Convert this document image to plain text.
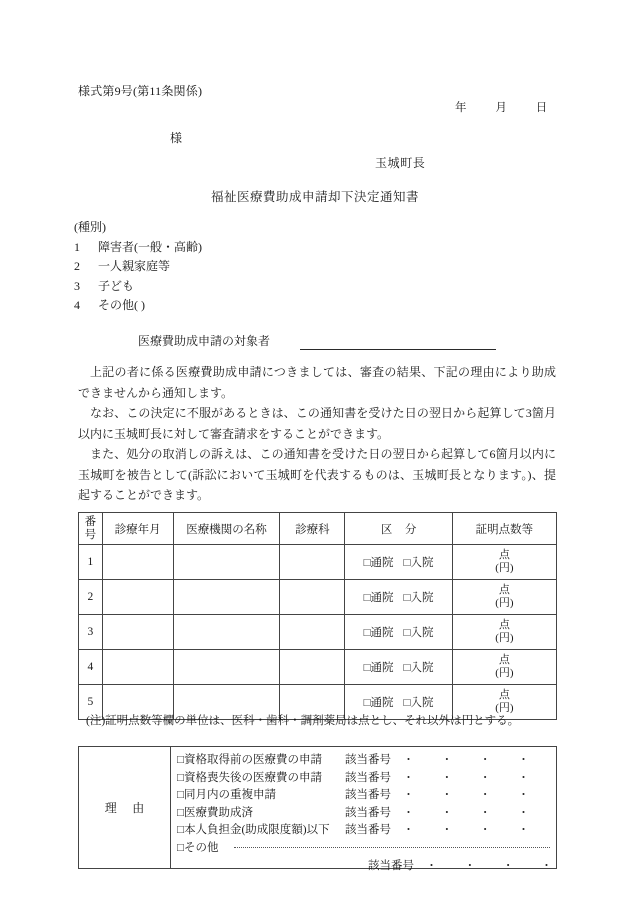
様式第9号(第11条関係)
年	月	日
様
玉城町長
福祉医療費助成申請却下決定通知書
(種別)
1 障害者(一般・高齢)
2 一人親家庭等
3 子ども
4 その他( )
医療費助成申請の対象者

上記の者に係る医療費助成申請につきましては、審査の結果、下記の理由により助成できませんから通知します。

なお、この決定に不服があるときは、この通知書を受けた日の翌日から起算して3箇月以内に玉城町長に対して審査請求をすることができます。

また、処分の取消しの訴えは、この通知書を受けた日の翌日から起算して6箇月以内に玉城町を被告として(訴訟において玉城町を代表するものは、玉城町長となります。)、提起することができます。

番
号	診療年月	医療機関の名称	診療科	区分	証明点数等
1				□通院 □入院	点
(円)

2				□通院 □入院	点
(円)

3				□通院 □入院	点
(円)

4				□通院 □入院	点
(円)

5				□通院 □入院	点
(円)
(注)証明点数等欄の単位は、医科・歯科・調剤薬局は点とし、それ以外は円とする。
理由
□資格取得前の医療費の申請	該当番号	・ ・ ・ ・
□資格喪失後の医療費の申請	該当番号	・ ・ ・ ・
□同月内の重複申請	該当番号	・ ・ ・ ・
□医療費助成済	該当番号	・ ・ ・ ・
□本人負担金(助成限度額)以下	該当番号	・ ・ ・ ・
□その他
該当番号	・ ・ ・ ・
